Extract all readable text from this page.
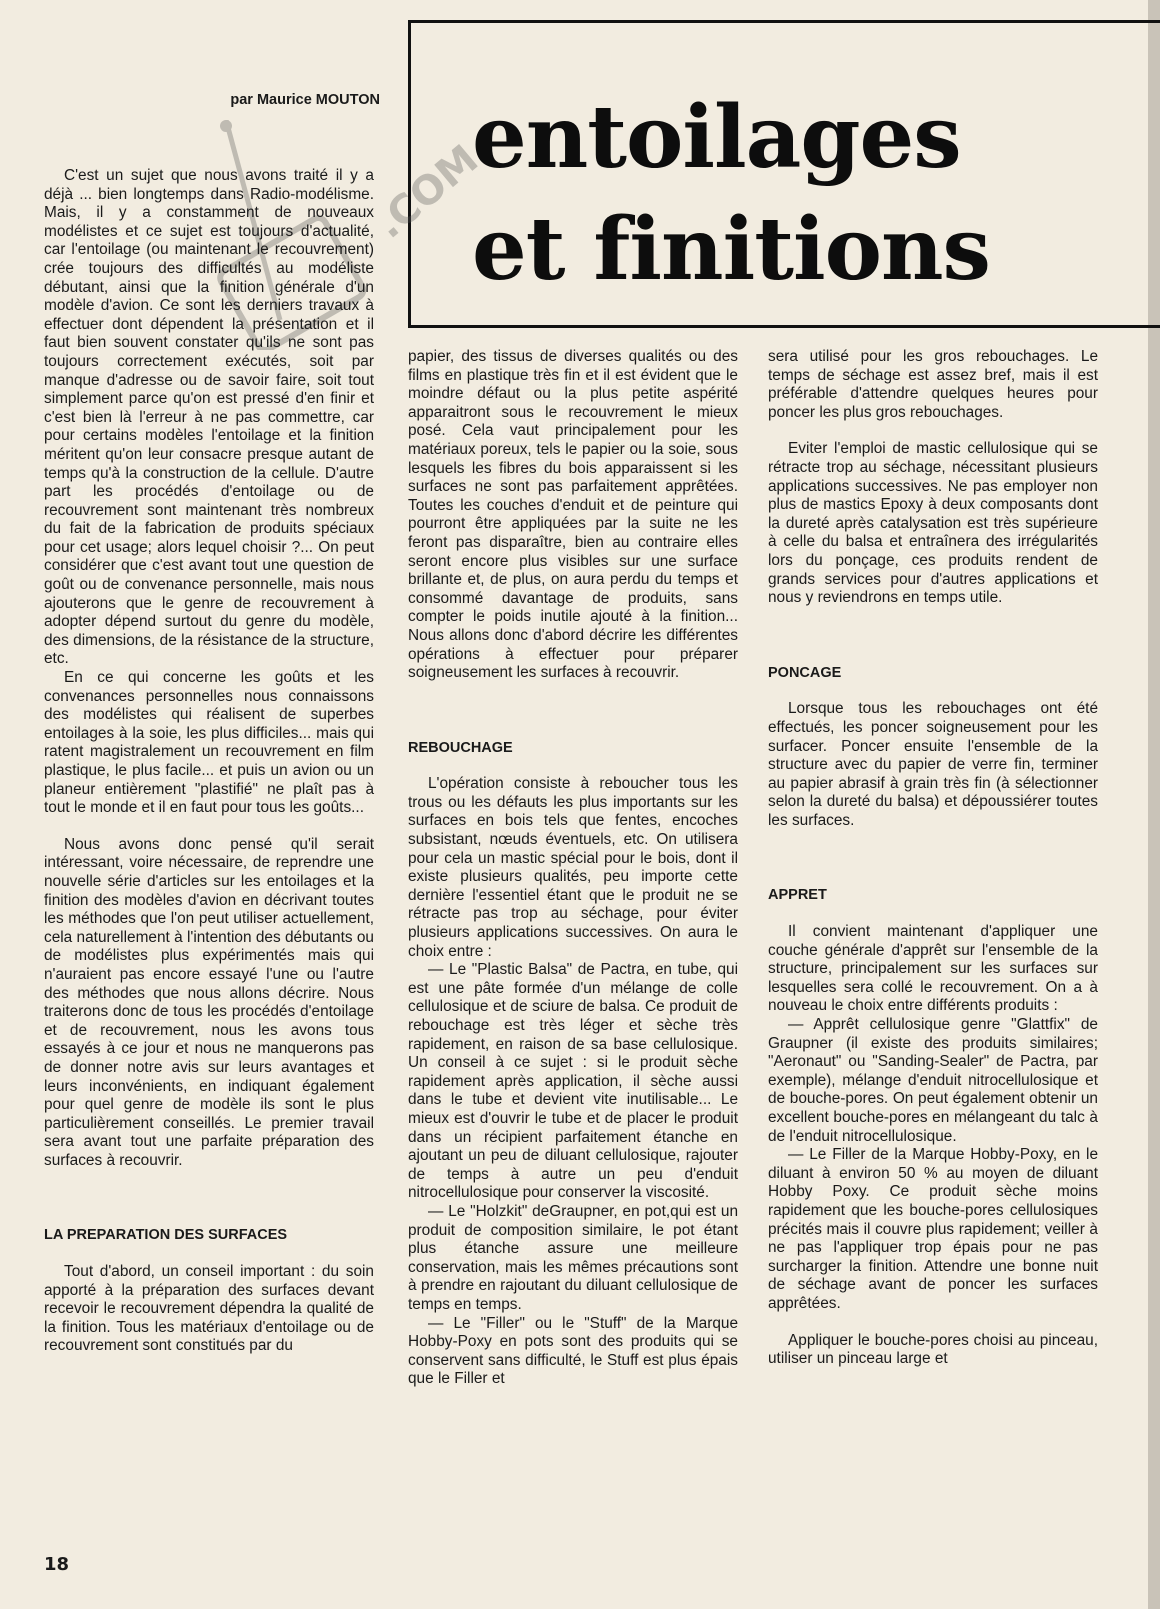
entoilages
et finitions

par Maurice MOUTON

.COM

C'est un sujet que nous avons traité il y a déjà ... bien longtemps dans Radio-modélisme. Mais, il y a constamment de nouveaux modélistes et ce sujet est toujours d'actualité, car l'entoilage (ou maintenant le recouvrement) crée toujours des difficultés au modéliste débutant, ainsi que la finition générale d'un modèle d'avion. Ce sont les derniers travaux à effectuer dont dépendent la présentation et il faut bien souvent constater qu'ils ne sont pas toujours correctement exécutés, soit par manque d'adresse ou de savoir faire, soit tout simplement parce qu'on est pressé d'en finir et c'est bien là l'erreur à ne pas commettre, car pour certains modèles l'entoilage et la finition méritent qu'on leur consacre presque autant de temps qu'à la construction de la cellule. D'autre part les procédés d'entoilage ou de recouvrement sont maintenant très nombreux du fait de la fabrication de produits spéciaux pour cet usage; alors lequel choisir ?... On peut considérer que c'est avant tout une question de goût ou de convenance personnelle, mais nous ajouterons que le genre de recouvrement à adopter dépend surtout du genre du modèle, des dimensions, de la résistance de la structure, etc.

En ce qui concerne les goûts et les convenances personnelles nous connaissons des modélistes qui réalisent de superbes entoilages à la soie, les plus difficiles... mais qui ratent magistralement un recouvrement en film plastique, le plus facile... et puis un avion ou un planeur entièrement "plastifié" ne plaît pas à tout le monde et il en faut pour tous les goûts...

Nous avons donc pensé qu'il serait intéressant, voire nécessaire, de reprendre une nouvelle série d'articles sur les entoilages et la finition des modèles d'avion en décrivant toutes les méthodes que l'on peut utiliser actuellement, cela naturellement à l'intention des débutants ou de modélistes plus expérimentés mais qui n'auraient pas encore essayé l'une ou l'autre des méthodes que nous allons décrire. Nous traiterons donc de tous les procédés d'entoilage et de recouvrement, nous les avons tous essayés à ce jour et nous ne manquerons pas de donner notre avis sur leurs avantages et leurs inconvénients, en indiquant également pour quel genre de modèle ils sont le plus particulièrement conseillés. Le premier travail sera avant tout une parfaite préparation des surfaces à recouvrir.

LA PREPARATION DES SURFACES

Tout d'abord, un conseil important : du soin apporté à la préparation des surfaces devant recevoir le recouvrement dépendra la qualité de la finition. Tous les matériaux d'entoilage ou de recouvrement sont constitués par du

papier, des tissus de diverses qualités ou des films en plastique très fin et il est évident que le moindre défaut ou la plus petite aspérité apparaitront sous le recouvrement le mieux posé. Cela vaut principalement pour les matériaux poreux, tels le papier ou la soie, sous lesquels les fibres du bois apparaissent si les surfaces ne sont pas parfaitement apprêtées. Toutes les couches d'enduit et de peinture qui pourront être appliquées par la suite ne les feront pas disparaître, bien au contraire elles seront encore plus visibles sur une surface brillante et, de plus, on aura perdu du temps et consommé davantage de produits, sans compter le poids inutile ajouté à la finition... Nous allons donc d'abord décrire les différentes opérations à effectuer pour préparer soigneusement les surfaces à recouvrir.

REBOUCHAGE

L'opération consiste à reboucher tous les trous ou les défauts les plus importants sur les surfaces en bois tels que fentes, encoches subsistant, nœuds éventuels, etc. On utilisera pour cela un mastic spécial pour le bois, dont il existe plusieurs qualités, peu importe cette dernière l'essentiel étant que le produit ne se rétracte pas trop au séchage, pour éviter plusieurs applications successives. On aura le choix entre :

— Le "Plastic Balsa" de Pactra, en tube, qui est une pâte formée d'un mélange de colle cellulosique et de sciure de balsa. Ce produit de rebouchage est très léger et sèche très rapidement, en raison de sa base cellulosique. Un conseil à ce sujet : si le produit sèche rapidement après application, il sèche aussi dans le tube et devient vite inutilisable... Le mieux est d'ouvrir le tube et de placer le produit dans un récipient parfaitement étanche en ajoutant un peu de diluant cellulosique, rajouter de temps à autre un peu d'enduit nitrocellulosique pour conserver la viscosité.

— Le "Holzkit" deGraupner, en pot,qui est un produit de composition similaire, le pot étant plus étanche assure une meilleure conservation, mais les mêmes précautions sont à prendre en rajoutant du diluant cellulosique de temps en temps.

— Le "Filler" ou le "Stuff" de la Marque Hobby-Poxy en pots sont des produits qui se conservent sans difficulté, le Stuff est plus épais que le Filler et

sera utilisé pour les gros rebouchages. Le temps de séchage est assez bref, mais il est préférable d'attendre quelques heures pour poncer les plus gros rebouchages.

Eviter l'emploi de mastic cellulosique qui se rétracte trop au séchage, nécessitant plusieurs applications successives. Ne pas employer non plus de mastics Epoxy à deux composants dont la dureté après catalysation est très supérieure à celle du balsa et entraînera des irrégularités lors du ponçage, ces produits rendent de grands services pour d'autres applications et nous y reviendrons en temps utile.

PONCAGE

Lorsque tous les rebouchages ont été effectués, les poncer soigneusement pour les surfacer. Poncer ensuite l'ensemble de la structure avec du papier de verre fin, terminer au papier abrasif à grain très fin (à sélectionner selon la dureté du balsa) et dépoussiérer toutes les surfaces.

APPRET

Il convient maintenant d'appliquer une couche générale d'apprêt sur l'ensemble de la structure, principalement sur les surfaces sur lesquelles sera collé le recouvrement. On a à nouveau le choix entre différents produits :

— Apprêt cellulosique genre "Glattfix" de Graupner (il existe des produits similaires; "Aeronaut" ou "Sanding-Sealer" de Pactra, par exemple), mélange d'enduit nitrocellulosique et de bouche-pores. On peut également obtenir un excellent bouche-pores en mélangeant du talc à de l'enduit nitrocellulosique.

— Le Filler de la Marque Hobby-Poxy, en le diluant à environ 50 % au moyen de diluant Hobby Poxy. Ce produit sèche moins rapidement que les bouche-pores cellulosiques précités mais il couvre plus rapidement; veiller à ne pas l'appliquer trop épais pour ne pas surcharger la finition. Attendre une bonne nuit de séchage avant de poncer les surfaces apprêtées.

Appliquer le bouche-pores choisi au pinceau, utiliser un pinceau large et

18
